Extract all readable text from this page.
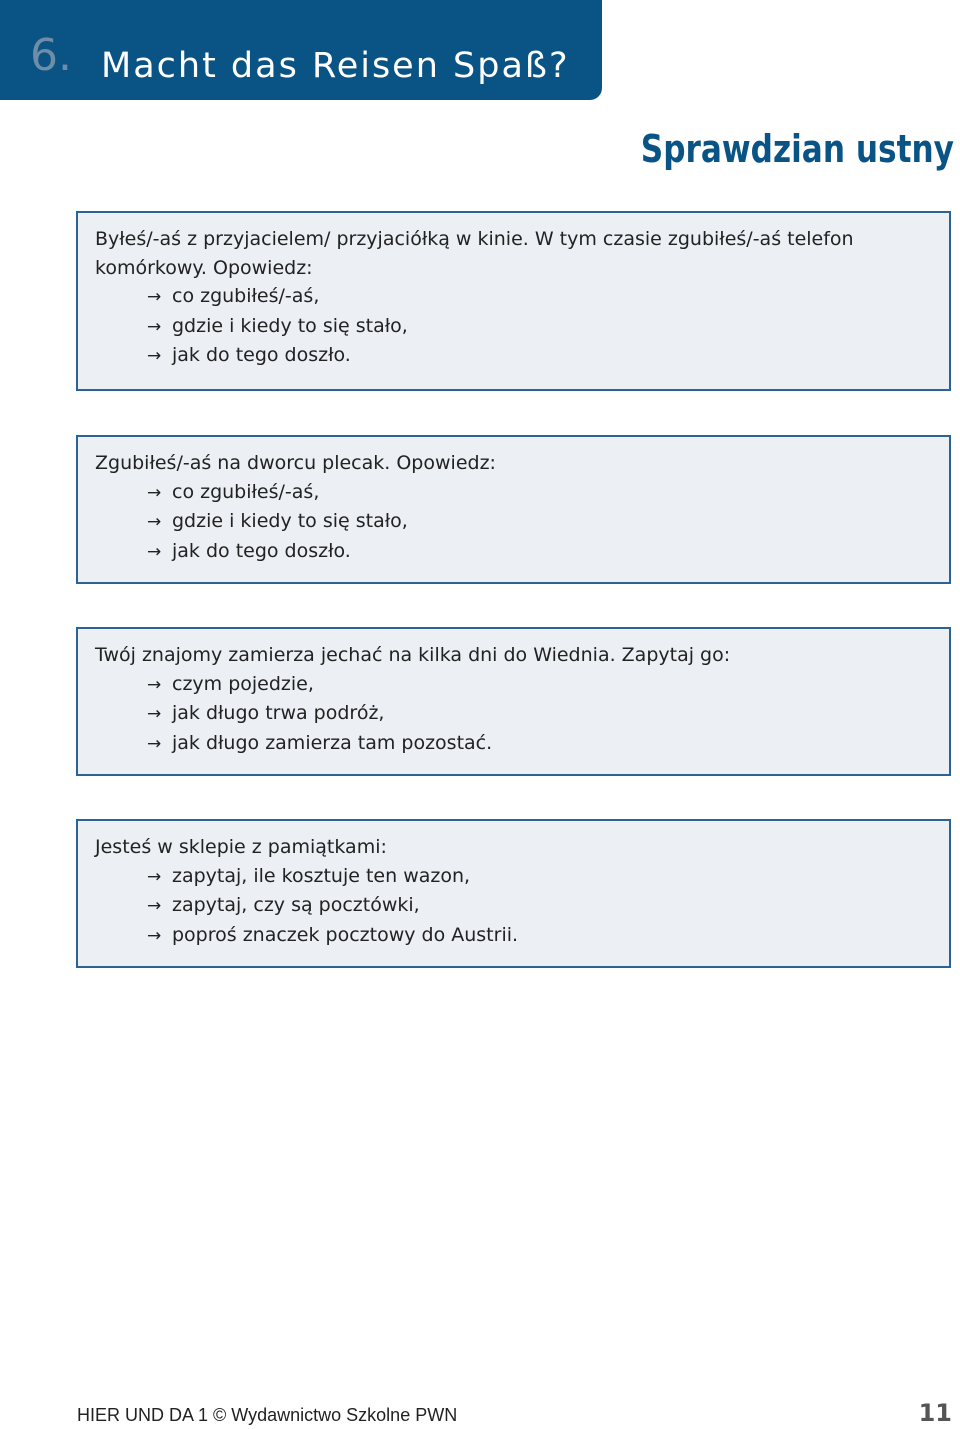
6. Macht das Reisen Spaß?
Sprawdzian ustny

Byłeś/-aś z przyjacielem/ przyjaciółką w kinie. W tym czasie zgubiłeś/-aś telefon komórkowy. Opowiedz:

→ co zgubiłeś/-aś,
→ gdzie i kiedy to się stało,
→ jak do tego doszło.

Zgubiłeś/-aś na dworcu plecak. Opowiedz:

→ co zgubiłeś/-aś,
→ gdzie i kiedy to się stało,
→ jak do tego doszło.

Twój znajomy zamierza jechać na kilka dni do Wiednia. Zapytaj go:

→ czym pojedzie,
→ jak długo trwa podróż,
→ jak długo zamierza tam pozostać.

Jesteś w sklepie z pamiątkami:

→ zapytaj, ile kosztuje ten wazon,
→ zapytaj, czy są pocztówki,
→ poproś znaczek pocztowy do Austrii.
HIER UND DA 1 © Wydawnictwo Szkolne PWN	11
